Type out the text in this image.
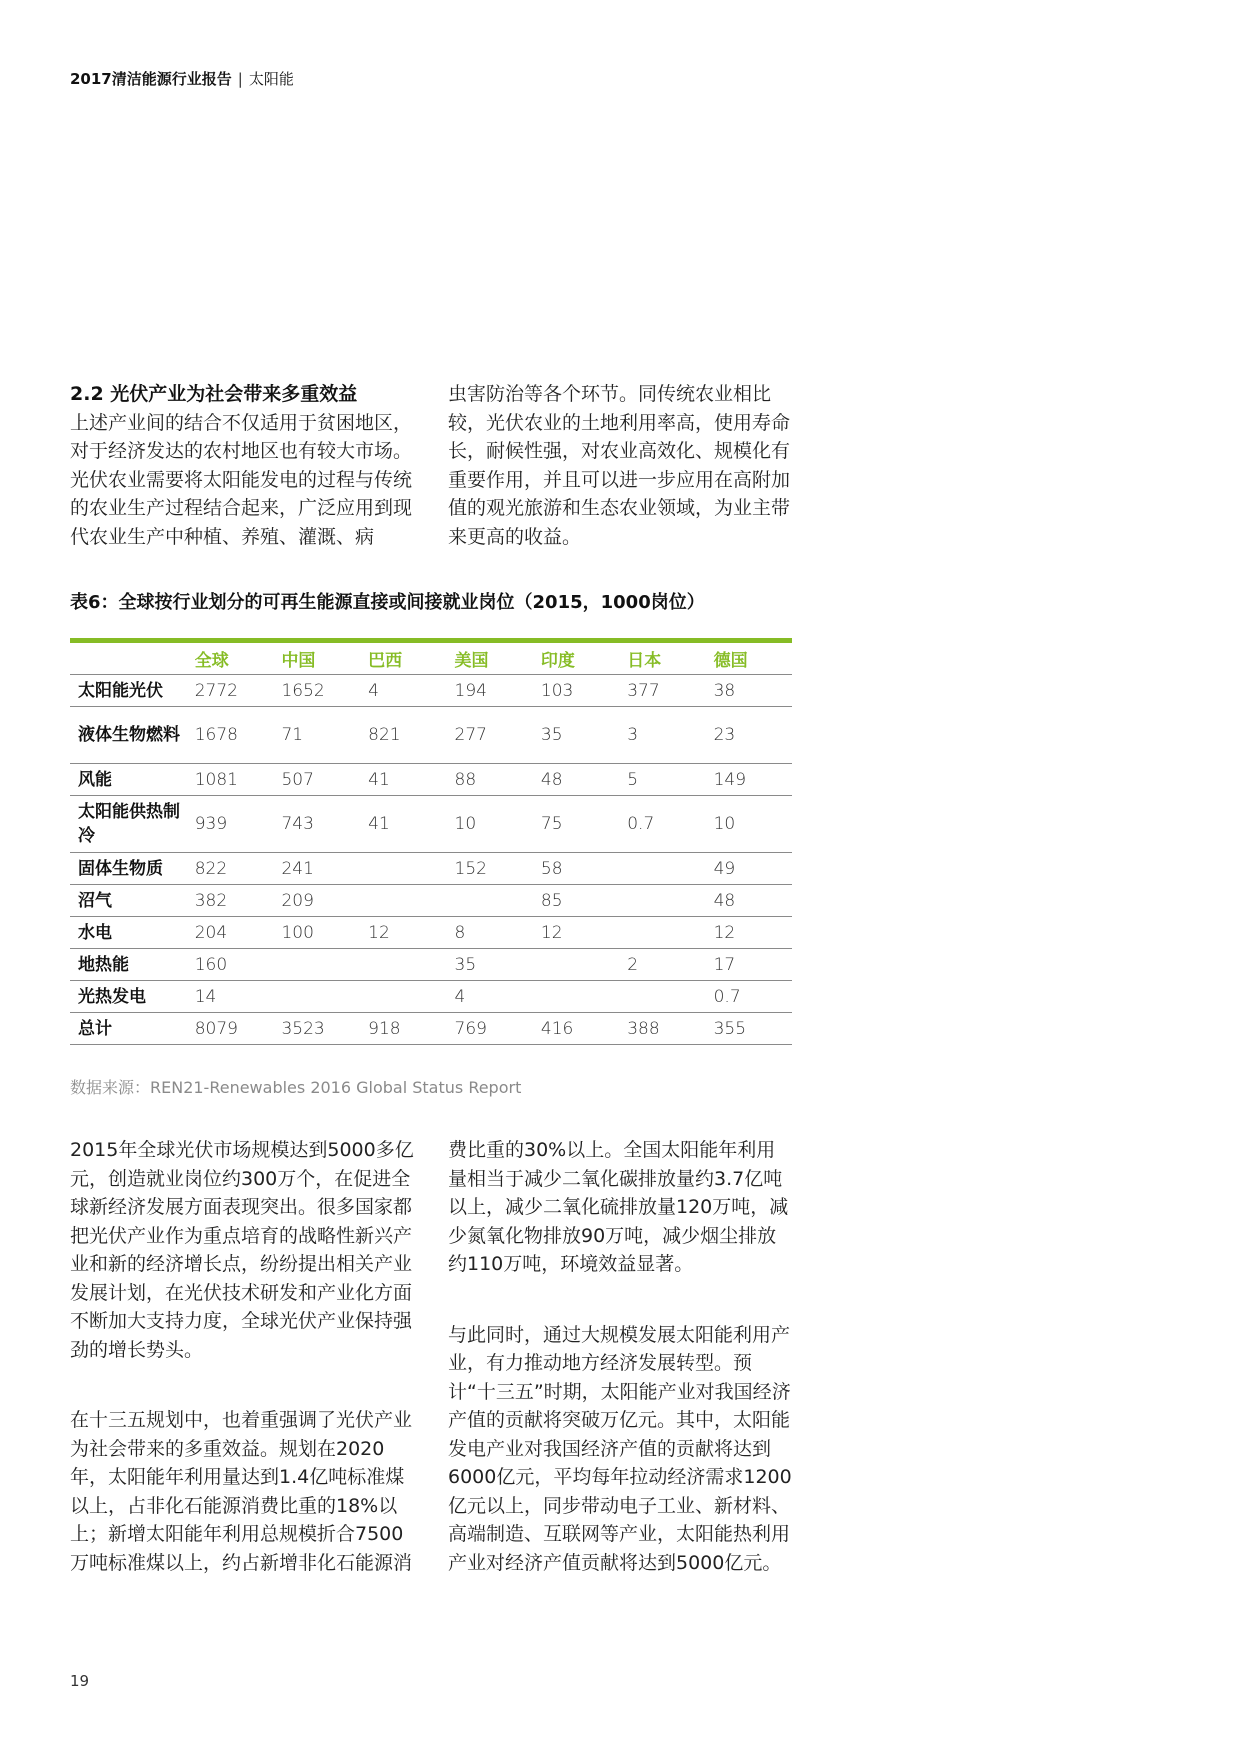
2017清洁能源行业报告 | 太阳能

2.2 光伏产业为社会带来多重效益

上述产业间的结合不仅适用于贫困地区，对于经济发达的农村地区也有较大市场。光伏农业需要将太阳能发电的过程与传统的农业生产过程结合起来，广泛应用到现代农业生产中种植、养殖、灌溉、病

虫害防治等各个环节。同传统农业相比较，光伏农业的土地利用率高，使用寿命长，耐候性强，对农业高效化、规模化有重要作用，并且可以进一步应用在高附加值的观光旅游和生态农业领域，为业主带来更高的收益。

表6：全球按行业划分的可再生能源直接或间接就业岗位（2015，1000岗位）
	全球	中国	巴西	美国	印度	日本	德国
太阳能光伏	2772	1652	4	194	103	377	38
液体生物燃料	1678	71	821	277	35	3	23
风能	1081	507	41	88	48	5	149
太阳能供热制冷	939	743	41	10	75	0.7	10
固体生物质	822	241		152	58		49
沼气	382	209			85		48
水电	204	100	12	8	12		12
地热能	160			35		2	17
光热发电	14			4			0.7
总计	8079	3523	918	769	416	388	355
数据来源：REN21-Renewables 2016 Global Status Report

2015年全球光伏市场规模达到5000多亿元，创造就业岗位约300万个，在促进全球新经济发展方面表现突出。很多国家都把光伏产业作为重点培育的战略性新兴产业和新的经济增长点，纷纷提出相关产业发展计划，在光伏技术研发和产业化方面不断加大支持力度，全球光伏产业保持强劲的增长势头。

在十三五规划中，也着重强调了光伏产业为社会带来的多重效益。规划在2020年，太阳能年利用量达到1.4亿吨标准煤以上，占非化石能源消费比重的18%以上；新增太阳能年利用总规模折合7500万吨标准煤以上，约占新增非化石能源消

费比重的30%以上。全国太阳能年利用量相当于减少二氧化碳排放量约3.7亿吨以上，减少二氧化硫排放量120万吨，减少氮氧化物排放90万吨，减少烟尘排放约110万吨，环境效益显著。

与此同时，通过大规模发展太阳能利用产业，有力推动地方经济发展转型。预计“十三五”时期，太阳能产业对我国经济产值的贡献将突破万亿元。其中，太阳能发电产业对我国经济产值的贡献将达到6000亿元，平均每年拉动经济需求1200亿元以上，同步带动电子工业、新材料、高端制造、互联网等产业，太阳能热利用产业对经济产值贡献将达到5000亿元。

19
